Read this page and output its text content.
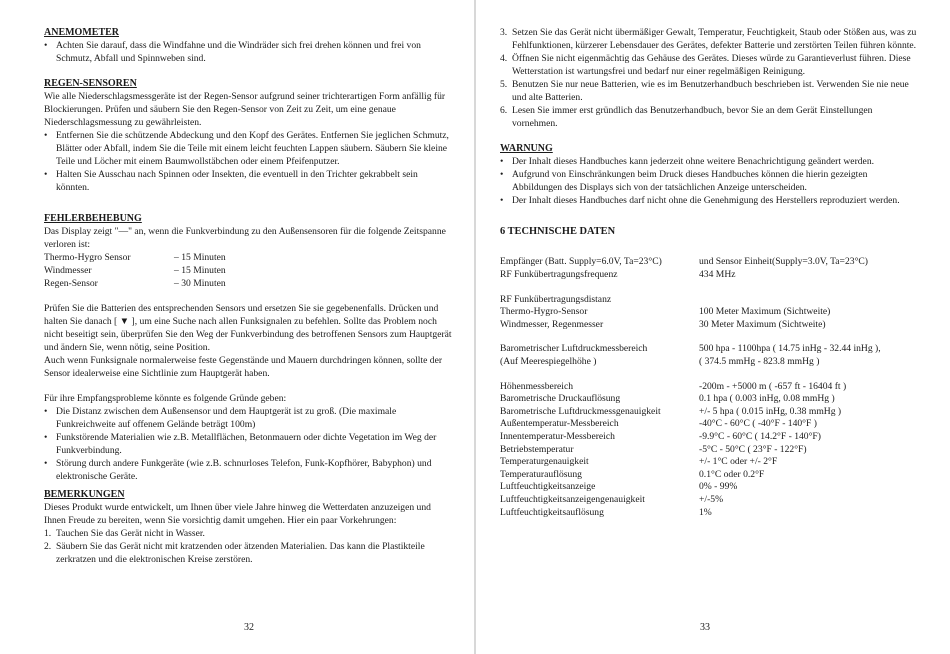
ANEMOMETER
• Achten Sie darauf, dass die Windfahne und die Windräder sich frei drehen können und frei von Schmutz, Abfall und Spinnweben sind.
REGEN-SENSOREN

Wie alle Niederschlagsmessgeräte ist der Regen-Sensor aufgrund seiner trichterartigen Form anfällig für Blockierungen. Prüfen und säubern Sie den Regen-Sensor von Zeit zu Zeit, um eine genaue Niederschlagsmessung zu gewährleisten.

• Entfernen Sie die schützende Abdeckung und den Kopf des Gerätes. Entfernen Sie jeglichen Schmutz, Blätter oder Abfall, indem Sie die Teile mit einem leicht feuchten Lappen säubern. Säubern Sie kleine Teile und Löcher mit einem Baumwollstäbchen oder einem Pfeifenputzer.
• Halten Sie Ausschau nach Spinnen oder Insekten, die eventuell in den Trichter gekrabbelt sein könnten.
FEHLERBEHEBUNG

Das Display zeigt "—" an, wenn die Funkverbindung zu den Außensensoren für die folgende Zeitspanne verloren ist:

Thermo-Hygro Sensor	– 15 Minuten
Windmesser	– 15 Minuten
Regen-Sensor	– 30 Minuten

Prüfen Sie die Batterien des entsprechenden Sensors und ersetzen Sie sie gegebenenfalls. Drücken und halten Sie danach [ ▼ ], um eine Suche nach allen Funksignalen zu befehlen. Sollte das Problem noch nicht beseitigt sein, überprüfen Sie den Weg der Funkverbindung des betroffenen Sensors zum Hauptgerät und ändern Sie, wenn nötig, seine Position.

Auch wenn Funksignale normalerweise feste Gegenstände und Mauern durchdringen können, sollte der Sensor idealerweise eine Sichtlinie zum Hauptgerät haben.

Für ihre Empfangsprobleme könnte es folgende Gründe geben:

• Die Distanz zwischen dem Außensensor und dem Hauptgerät ist zu groß. (Die maximale Funkreichweite auf offenem Gelände beträgt 100m)
• Funkstörende Materialien wie z.B. Metallflächen, Betonmauern oder dichte Vegetation im Weg der Funkverbindung.
• Störung durch andere Funkgeräte (wie z.B. schnurloses Telefon, Funk-Kopfhörer, Babyphon) und elektronische Geräte.
BEMERKUNGEN

Dieses Produkt wurde entwickelt, um Ihnen über viele Jahre hinweg die Wetterdaten anzuzeigen und Ihnen Freude zu bereiten, wenn Sie vorsichtig damit umgehen. Hier ein paar Vorkehrungen:

1. Tauchen Sie das Gerät nicht in Wasser.
2. Säubern Sie das Gerät nicht mit kratzenden oder ätzenden Materialien. Das kann die Plastikteile zerkratzen und die elektronischen Kreise zerstören.
32
3. Setzen Sie das Gerät nicht übermäßiger Gewalt, Temperatur, Feuchtigkeit, Staub oder Stößen aus, was zu Fehlfunktionen, kürzerer Lebensdauer des Gerätes, defekter Batterie und zerstörten Teilen führen könnte.
4. Öffnen Sie nicht eigenmächtig das Gehäuse des Gerätes. Dieses würde zu Garantieverlust führen. Diese Wetterstation ist wartungsfrei und bedarf nur einer regelmäßigen Reinigung.
5. Benutzen Sie nur neue Batterien, wie es im Benutzerhandbuch beschrieben ist. Verwenden Sie nie neue und alte Batterien.
6. Lesen Sie immer erst gründlich das Benutzerhandbuch, bevor Sie an dem Gerät Einstellungen vornehmen.
WARNUNG
• Der Inhalt dieses Handbuches kann jederzeit ohne weitere Benachrichtigung geändert werden.
• Aufgrund von Einschränkungen beim Druck dieses Handbuches können die hierin gezeigten Abbildungen des Displays sich von der tatsächlichen Anzeige unterscheiden.
• Der Inhalt dieses Handbuches darf nicht ohne die Genehmigung des Herstellers reproduziert werden.
6 TECHNISCHE DATEN
Empfänger (Batt. Supply=6.0V, Ta=23°C)	und Sensor Einheit(Supply=3.0V, Ta=23°C)
RF Funkübertragungsfrequenz	434 MHz

RF Funkübertragungsdistanz

Thermo-Hygro-Sensor	100 Meter Maximum (Sichtweite)
Windmesser, Regenmesser	30 Meter Maximum (Sichtweite)
Barometrischer Luftdruckmessbereich	500 hpa - 1100hpa ( 14.75 inHg - 32.44 inHg ),
(Auf Meerespiegelhöhe )	( 374.5 mmHg - 823.8 mmHg )
Höhenmessbereich	-200m - +5000 m ( -657 ft - 16404 ft )
Barometrische Druckauflösung	0.1 hpa ( 0.003 inHg, 0.08 mmHg )
Barometrische Luftdruckmessgenauigkeit	+/- 5 hpa ( 0.015 inHg, 0.38 mmHg )
Außentemperatur-Messbereich	-40°C - 60°C ( -40°F - 140°F )
Innentemperatur-Messbereich	-9.9°C - 60°C ( 14.2°F - 140°F)
Betriebstemperatur	-5°C - 50°C ( 23°F - 122°F)
Temperaturgenauigkeit	+/- 1°C oder +/- 2°F
Temperaturauflösung	0.1°C oder 0.2°F
Luftfeuchtigkeitsanzeige	0% - 99%
Luftfeuchtigkeitsanzeigengenauigkeit	+/-5%
Luftfeuchtigkeitsauflösung	1%
33
